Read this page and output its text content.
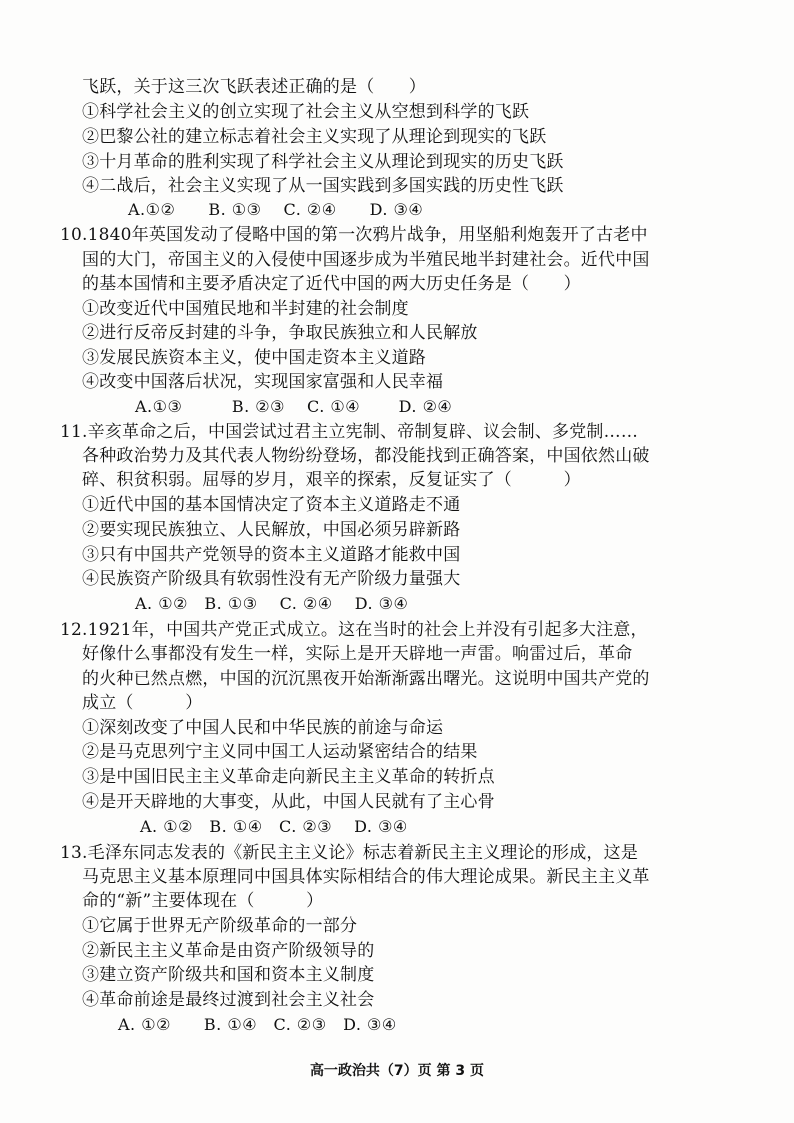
飞跃，关于这三次飞跃表述正确的是（　　）
①科学社会主义的创立实现了社会主义从空想到科学的飞跃
②巴黎公社的建立标志着社会主义实现了从理论到现实的飞跃
③十月革命的胜利实现了科学社会主义从理论到现实的历史飞跃
④二战后，社会主义实现了从一国实践到多国实践的历史性飞跃
A.①②　　B. ①③　 C. ②④　　D. ③④
10.1840年英国发动了侵略中国的第一次鸦片战争，用坚船利炮轰开了古老中
国的大门，帝国主义的入侵使中国逐步成为半殖民地半封建社会。近代中国
的基本国情和主要矛盾决定了近代中国的两大历史任务是（　　）
①改变近代中国殖民地和半封建的社会制度
②进行反帝反封建的斗争，争取民族独立和人民解放
③发展民族资本主义，使中国走资本主义道路
④改变中国落后状况，实现国家富强和人民幸福
A.①③　　　B. ②③　 C. ①④　　 D. ②④
11.辛亥革命之后，中国尝试过君主立宪制、帝制复辟、议会制、多党制……
各种政治势力及其代表人物纷纷登场，都没能找到正确答案，中国依然山破
碎、积贫积弱。屈辱的岁月，艰辛的探索，反复证实了（　　　）
①近代中国的基本国情决定了资本主义道路走不通
②要实现民族独立、人民解放，中国必须另辟新路
③只有中国共产党领导的资本主义道路才能救中国
④民族资产阶级具有软弱性没有无产阶级力量强大
A. ①②　B. ①③　 C. ②④　 D. ③④
12.1921年，中国共产党正式成立。这在当时的社会上并没有引起多大注意，
好像什么事都没有发生一样，实际上是开天辟地一声雷。响雷过后，革命
的火种已然点燃，中国的沉沉黑夜开始渐渐露出曙光。这说明中国共产党的
成立（　　　）
①深刻改变了中国人民和中华民族的前途与命运
②是马克思列宁主义同中国工人运动紧密结合的结果
③是中国旧民主主义革命走向新民主主义革命的转折点
④是开天辟地的大事变，从此，中国人民就有了主心骨
A. ①②　B. ①④　C. ②③　 D. ③④
13.毛泽东同志发表的《新民主主义论》标志着新民主主义理论的形成，这是
马克思主义基本原理同中国具体实际相结合的伟大理论成果。新民主主义革
命的“新”主要体现在（　　　）
①它属于世界无产阶级革命的一部分
②新民主主义革命是由资产阶级领导的
③建立资产阶级共和国和资本主义制度
④革命前途是最终过渡到社会主义社会
A. ①②　　B. ①④　C. ②③　D. ③④
高一政治共（7）页 第 3 页
